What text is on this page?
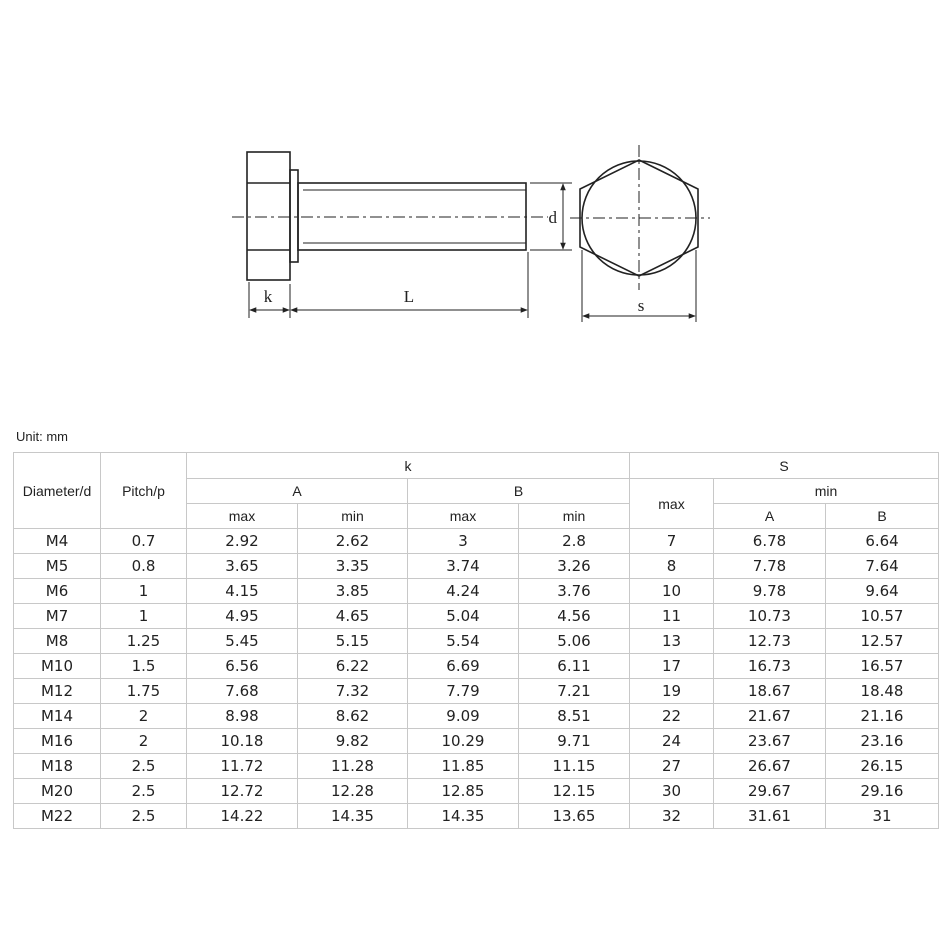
k	L
d
s
Unit: mm
Diameter/d	Pitch/p	k				S		
		A		B		max	min	
		max	min	max	min		A	B
M4	0.7	2.92	2.62	3	2.8	7	6.78	6.64
M5	0.8	3.65	3.35	3.74	3.26	8	7.78	7.64
M6	1	4.15	3.85	4.24	3.76	10	9.78	9.64
M7	1	4.95	4.65	5.04	4.56	11	10.73	10.57
M8	1.25	5.45	5.15	5.54	5.06	13	12.73	12.57
M10	1.5	6.56	6.22	6.69	6.11	17	16.73	16.57
M12	1.75	7.68	7.32	7.79	7.21	19	18.67	18.48
M14	2	8.98	8.62	9.09	8.51	22	21.67	21.16
M16	2	10.18	9.82	10.29	9.71	24	23.67	23.16
M18	2.5	11.72	11.28	11.85	11.15	27	26.67	26.15
M20	2.5	12.72	12.28	12.85	12.15	30	29.67	29.16
M22	2.5	14.22	14.35	14.35	13.65	32	31.61	31
